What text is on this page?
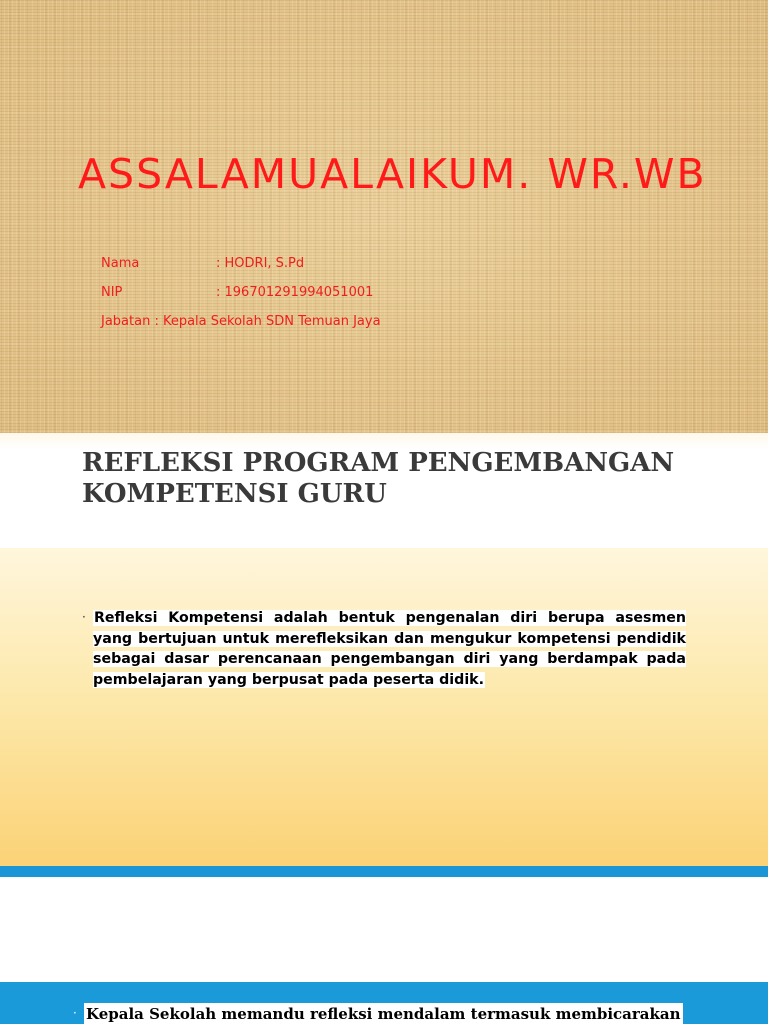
ASSALAMUALAIKUM. WR.WB
Nama	: HODRI, S.Pd
NIP	: 196701291994051001
Jabatan : Kepala Sekolah SDN Temuan Jaya
REFLEKSI PROGRAM PENGEMBANGAN KOMPETENSI GURU
· Refleksi Kompetensi adalah bentuk pengenalan diri berupa asesmen yang bertujuan untuk merefleksikan dan mengukur kompetensi pendidik sebagai dasar perencanaan pengembangan diri yang berdampak pada pembelajaran yang berpusat pada peserta didik.

· Kepala Sekolah memandu refleksi mendalam termasuk membicarakan
